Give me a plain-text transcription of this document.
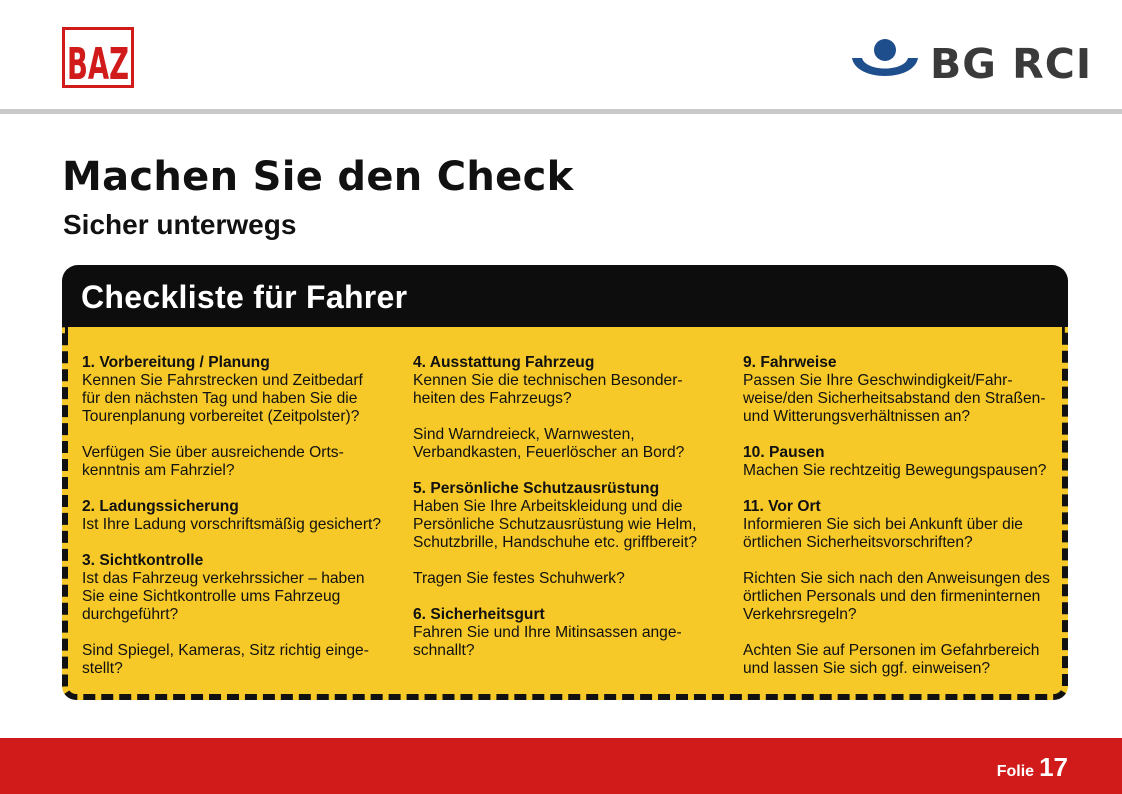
BAZ	BG RCI
Machen Sie den Check

Sicher unterwegs

Checkliste für Fahrer
1. Vorbereitung / Planung
Kennen Sie Fahrstrecken und Zeitbedarf
für den nächsten Tag und haben Sie die
Tourenplanung vorbereitet (Zeitpolster)?
Verfügen Sie über ausreichende Orts-
kenntnis am Fahrziel?
2. Ladungssicherung
Ist Ihre Ladung vorschriftsmäßig gesichert?
3. Sichtkontrolle
Ist das Fahrzeug verkehrssicher – haben
Sie eine Sichtkontrolle ums Fahrzeug
durchgeführt?
Sind Spiegel, Kameras, Sitz richtig einge-
stellt?
4. Ausstattung Fahrzeug
Kennen Sie die technischen Besonder-
heiten des Fahrzeugs?
Sind Warndreieck, Warnwesten,
Verbandkasten, Feuerlöscher an Bord?
5. Persönliche Schutzausrüstung
Haben Sie Ihre Arbeitskleidung und die
Persönliche Schutzausrüstung wie Helm,
Schutzbrille, Handschuhe etc. griffbereit?
Tragen Sie festes Schuhwerk?
6. Sicherheitsgurt
Fahren Sie und Ihre Mitinsassen ange-
schnallt?
9. Fahrweise
Passen Sie Ihre Geschwindigkeit/Fahr-
weise/den Sicherheitsabstand den Straßen-
und Witterungsverhältnissen an?
10. Pausen
Machen Sie rechtzeitig Bewegungspausen?
11. Vor Ort
Informieren Sie sich bei Ankunft über die
örtlichen Sicherheitsvorschriften?
Richten Sie sich nach den Anweisungen des
örtlichen Personals und den firmeninternen
Verkehrsregeln?
Achten Sie auf Personen im Gefahrbereich
und lassen Sie sich ggf. einweisen?
Folie 17
